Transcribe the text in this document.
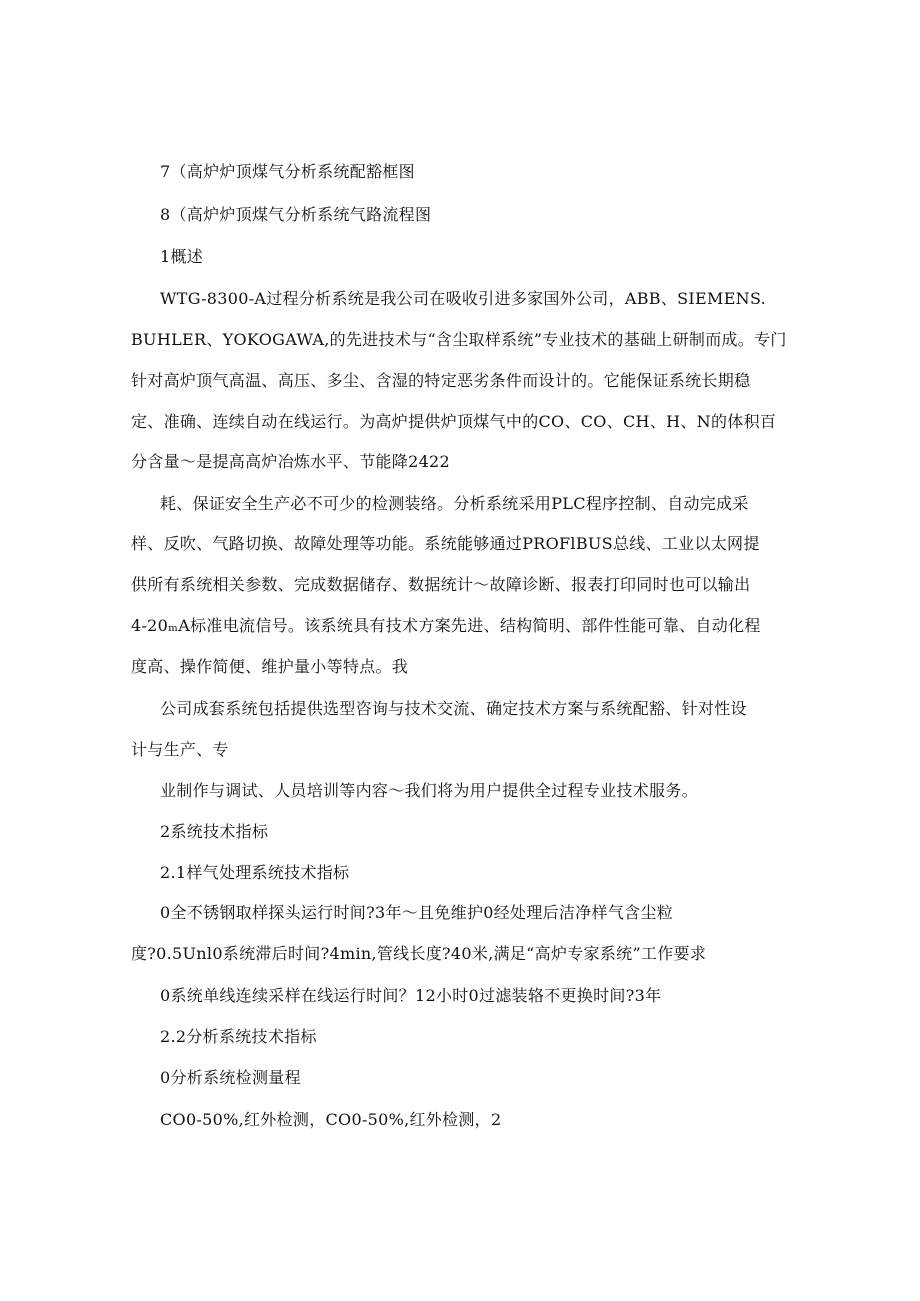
7（高炉炉顶煤气分析系统配豁框图
8（高炉炉顶煤气分析系统气路流程图
1概述
WTG-8300-A过程分析系统是我公司在吸收引进多家国外公司，ABB、SIEMENS.
BUHLER、YOKOGAWA,的先进技术与“含尘取样系统”专业技术的基础上研制而成。专门
针对高炉顶气高温、高压、多尘、含湿的特定恶劣条件而设计的。它能保证系统长期稳
定、准确、连续自动在线运行。为高炉提供炉顶煤气中的CO、CO、CH、H、N的体积百
分含量～是提高高炉冶炼水平、节能降2422
耗、保证安全生产必不可少的检测装络。分析系统采用PLC程序控制、自动完成采
样、反吹、气路切换、故障处理等功能。系统能够通过PROFlBUS总线、工业以太网提
供所有系统相关参数、完成数据储存、数据统计～故障诊断、报表打印同时也可以输出
4-20ₘA标准电流信号。该系统具有技术方案先进、结构简明、部件性能可靠、自动化程
度高、操作简便、维护量小等特点。我
公司成套系统包括提供选型咨询与技术交流、确定技术方案与系统配豁、针对性设
计与生产、专
业制作与调试、人员培训等内容～我们将为用户提供全过程专业技术服务。
2系统技术指标
2.1样气处理系统技术指标
0全不锈钢取样探头运行时间?3年～且免维护0经处理后洁净样气含尘粒
度?0.5Unl0系统滞后时间?4min,管线长度?40米,满足“高炉专家系统”工作要求
0系统单线连续采样在线运行时间？12小时0过滤装辂不更换时间?3年
2.2分析系统技术指标
0分析系统检测量程
CO0-50%,红外检测，CO0-50%,红外检测，2
